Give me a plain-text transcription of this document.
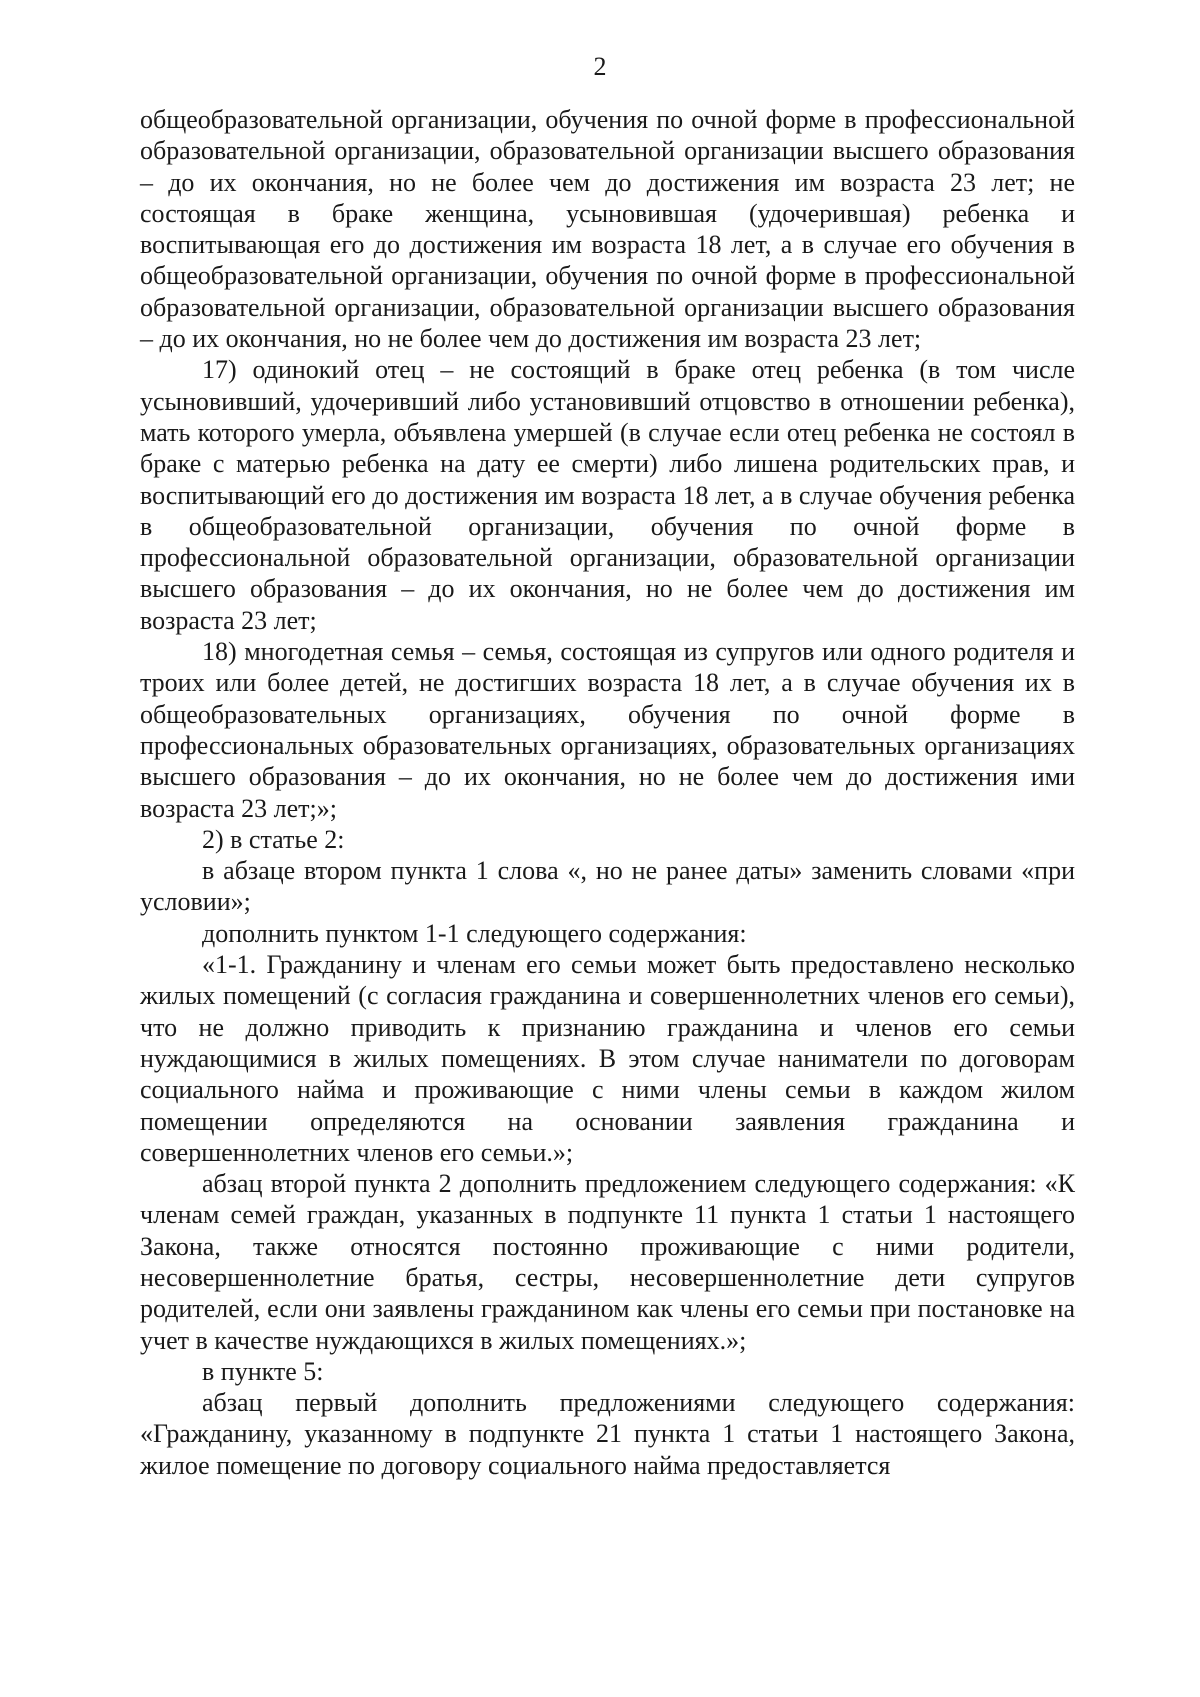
2

общеобразовательной организации, обучения по очной форме в профессиональной образовательной организации, образовательной организации высшего образования – до их окончания, но не более чем до достижения им возраста 23 лет; не состоящая в браке женщина, усыновившая (удочерившая) ребенка и воспитывающая его до достижения им возраста 18 лет, а в случае его обучения в общеобразовательной организации, обучения по очной форме в профессиональной образовательной организации, образовательной организации высшего образования – до их окончания, но не более чем до достижения им возраста 23 лет;

17) одинокий отец – не состоящий в браке отец ребенка (в том числе усыновивший, удочеривший либо установивший отцовство в отношении ребенка), мать которого умерла, объявлена умершей (в случае если отец ребенка не состоял в браке с матерью ребенка на дату ее смерти) либо лишена родительских прав, и воспитывающий его до достижения им возраста 18 лет, а в случае обучения ребенка в общеобразовательной организации, обучения по очной форме в профессиональной образовательной организации, образовательной организации высшего образования – до их окончания, но не более чем до достижения им возраста 23 лет;

18) многодетная семья – семья, состоящая из супругов или одного родителя и троих или более детей, не достигших возраста 18 лет, а в случае обучения их в общеобразовательных организациях, обучения по очной форме в профессиональных образовательных организациях, образовательных организациях высшего образования – до их окончания, но не более чем до достижения ими возраста 23 лет;»;

2) в статье 2:

в абзаце втором пункта 1 слова «, но не ранее даты» заменить словами «при условии»;

дополнить пунктом 1-1 следующего содержания:

«1-1. Гражданину и членам его семьи может быть предоставлено несколько жилых помещений (с согласия гражданина и совершеннолетних членов его семьи), что не должно приводить к признанию гражданина и членов его семьи нуждающимися в жилых помещениях. В этом случае наниматели по договорам социального найма и проживающие с ними члены семьи в каждом жилом помещении определяются на основании заявления гражданина и совершеннолетних членов его семьи.»;

абзац второй пункта 2 дополнить предложением следующего содержания: «К членам семей граждан, указанных в подпункте 11 пункта 1 статьи 1 настоящего Закона, также относятся постоянно проживающие с ними родители, несовершеннолетние братья, сестры, несовершеннолетние дети супругов родителей, если они заявлены гражданином как члены его семьи при постановке на учет в качестве нуждающихся в жилых помещениях.»;

в пункте 5:

абзац первый дополнить предложениями следующего содержания: «Гражданину, указанному в подпункте 21 пункта 1 статьи 1 настоящего Закона, жилое помещение по договору социального найма предоставляется
